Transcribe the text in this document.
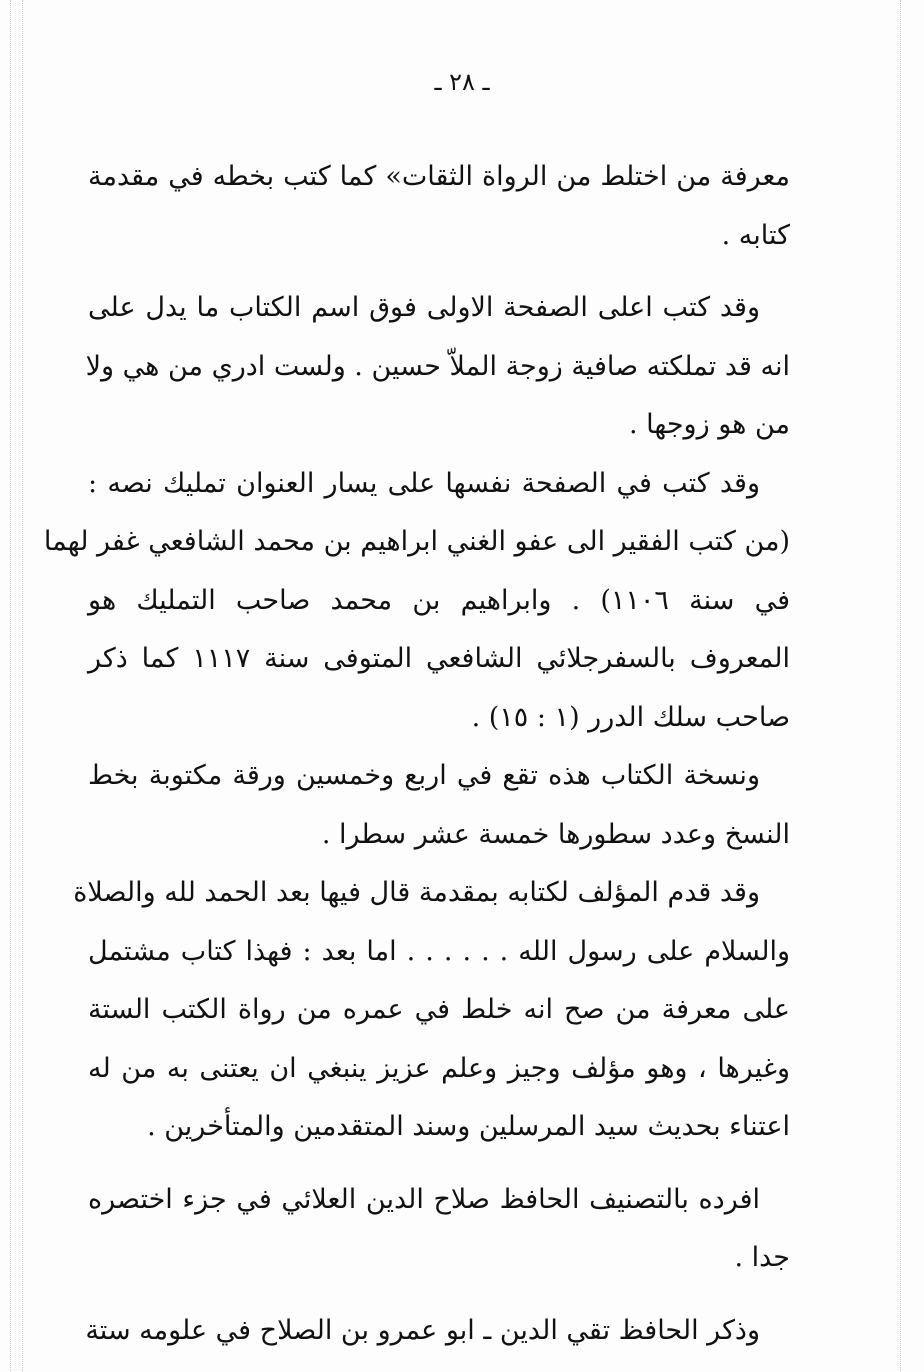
ـ ٢٨ ـ
معرفة من اختلط من الرواة الثقات» كما كتب بخطه في مقدمة
كتابه .
وقد كتب اعلى الصفحة الاولى فوق اسم الكتاب ما يدل على
انه قد تملكته صافية زوجة الملاّ حسين . ولست ادري من هي ولا
من هو زوجها .
وقد كتب في الصفحة نفسها على يسار العنوان تمليك نصه :
(من كتب الفقير الى عفو الغني ابراهيم بن محمد الشافعي غفر لهما
في سنة ١١٠٦) . وابراهيم بن محمد صاحب التمليك هو
المعروف بالسفرجلائي الشافعي المتوفى سنة ١١١٧ كما ذكر
صاحب سلك الدرر (١ : ١٥) .
ونسخة الكتاب هذه تقع في اربع وخمسين ورقة مكتوبة بخط
النسخ وعدد سطورها خمسة عشر سطرا .
وقد قدم المؤلف لكتابه بمقدمة قال فيها بعد الحمد لله والصلاة
والسلام على رسول الله . . . . . . اما بعد : فهذا كتاب مشتمل
على معرفة من صح انه خلط في عمره من رواة الكتب الستة
وغيرها ، وهو مؤلف وجيز وعلم عزيز ينبغي ان يعتنى به من له
اعتناء بحديث سيد المرسلين وسند المتقدمين والمتأخرين .
افرده بالتصنيف الحافظ صلاح الدين العلائي في جزء اختصره
جدا .
وذكر الحافظ تقي الدين ـ ابو عمرو بن الصلاح في علومه ستة
